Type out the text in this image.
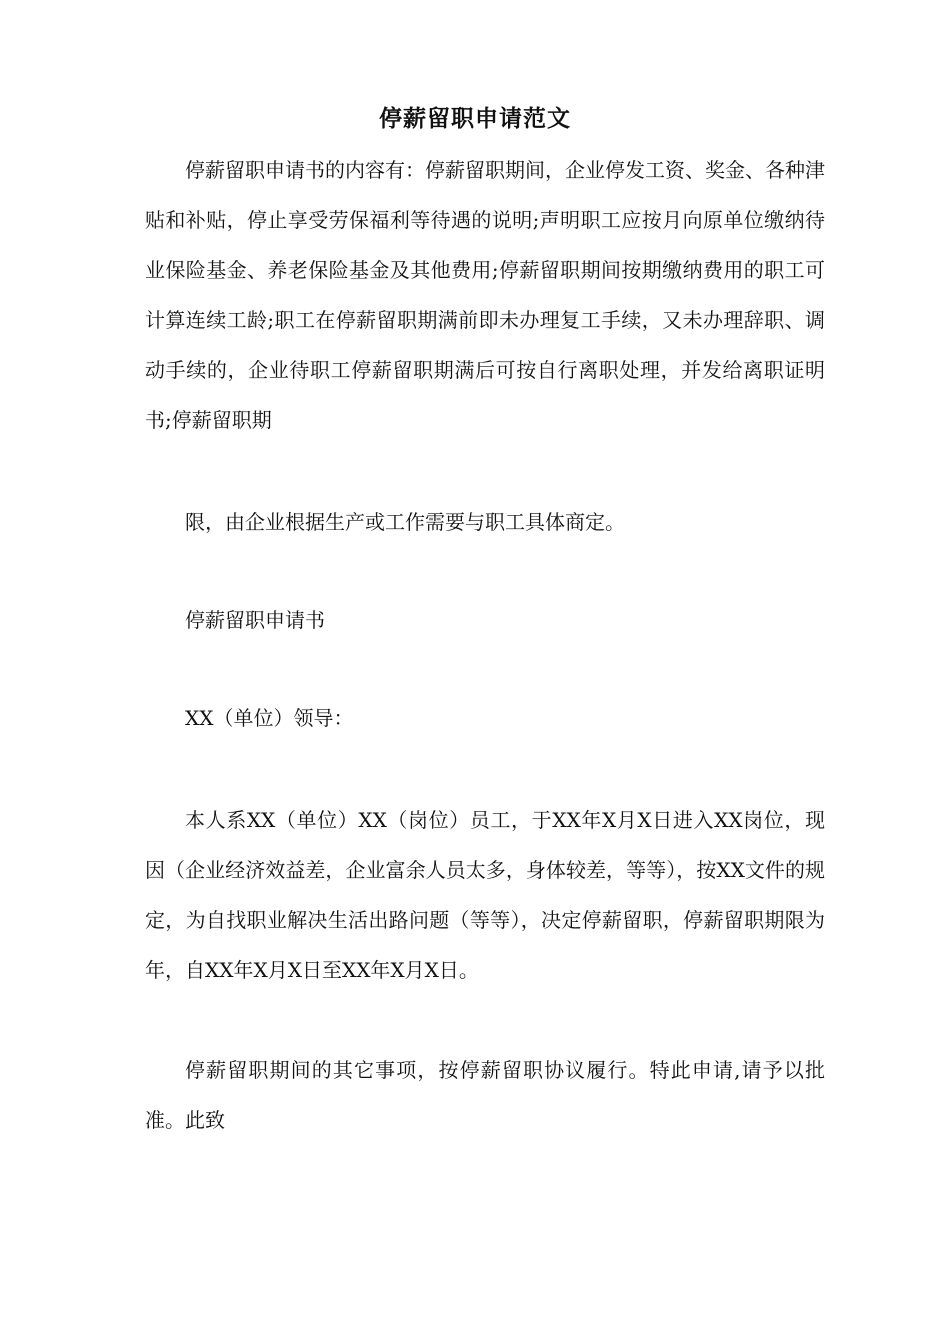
停薪留职申请范文

停薪留职申请书的内容有：停薪留职期间，企业停发工资、奖金、各种津贴和补贴，停止享受劳保福利等待遇的说明;声明职工应按月向原单位缴纳待业保险基金、养老保险基金及其他费用;停薪留职期间按期缴纳费用的职工可计算连续工龄;职工在停薪留职期满前即未办理复工手续，又未办理辞职、调动手续的，企业待职工停薪留职期满后可按自行离职处理，并发给离职证明书;停薪留职期

限，由企业根据生产或工作需要与职工具体商定。

停薪留职申请书

XX（单位）领导：

本人系XX（单位）XX（岗位）员工，于XX年X月X日进入XX岗位，现因（企业经济效益差，企业富余人员太多，身体较差，等等），按XX文件的规定，为自找职业解决生活出路问题（等等），决定停薪留职，停薪留职期限为 年，自XX年X月X日至XX年X月X日。

停薪留职期间的其它事项，按停薪留职协议履行。特此申请,请予以批准。此致
